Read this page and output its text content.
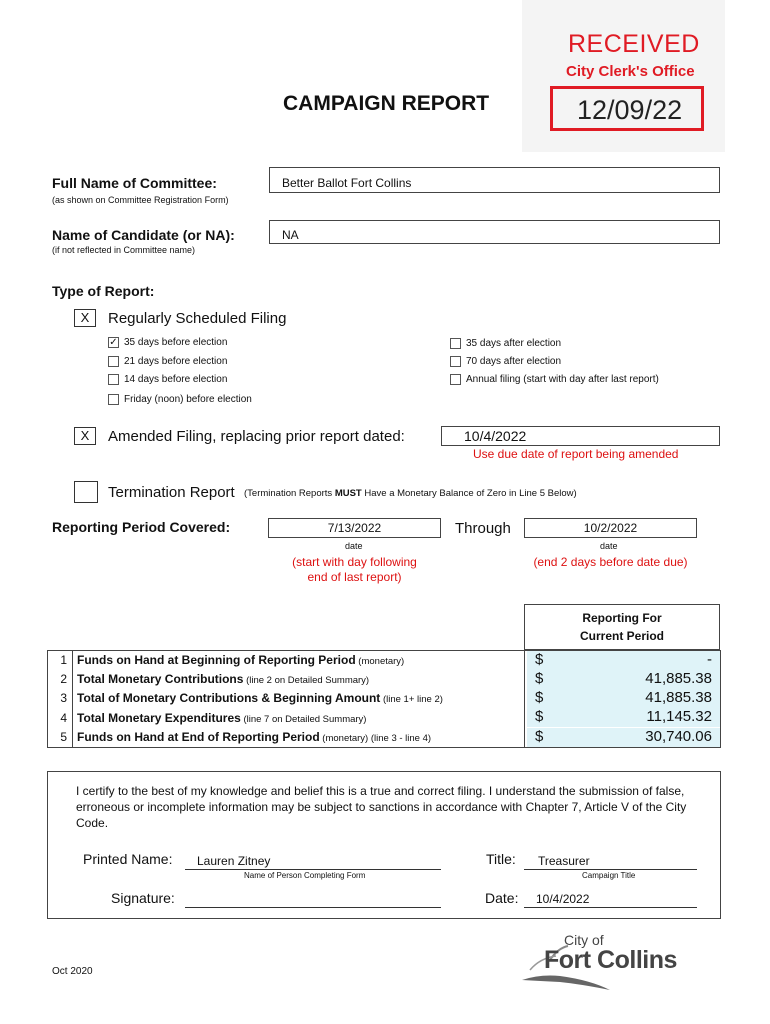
RECEIVED
City Clerk's Office
12/09/22
CAMPAIGN REPORT
Full Name of Committee:
(as shown on Committee Registration Form)
Better Ballot Fort Collins
Name of Candidate (or NA):
(if not reflected in Committee name)
NA
Type of Report:
X	Regularly Scheduled Filing
✓ 35 days before election
21 days before election
14 days before election
Friday (noon) before election
35 days after election
70 days after election
Annual filing (start with day after last report)
X	Amended Filing, replacing prior report dated:	10/4/2022
Use due date of report being amended
Termination Report (Termination Reports MUST Have a Monetary Balance of Zero in Line 5 Below)
Reporting Period Covered:	7/13/2022
date
(start with day following
end of last report)
Through	10/2/2022
date
(end 2 days before date due)
Reporting For
Current Period
1 Funds on Hand at Beginning of Reporting Period (monetary)	$	-
2 Total Monetary Contributions (line 2 on Detailed Summary)	$	41,885.38
3 Total of Monetary Contributions & Beginning Amount (line 1+ line 2)	$	41,885.38
4 Total Monetary Expenditures (line 7 on Detailed Summary)	$	11,145.32
5 Funds on Hand at End of Reporting Period (monetary) (line 3 - line 4)	$	30,740.06
I certify to the best of my knowledge and belief this is a true and correct filing. I understand the submission of false, erroneous or incomplete information may be subject to sanctions in accordance with Chapter 7, Article V of the City Code.
Printed Name: Lauren Zitney
Name of Person Completing Form
Title: Treasurer
Campaign Title
Signature:	Date: 10/4/2022
Oct 2020
City of
Fort Collins
